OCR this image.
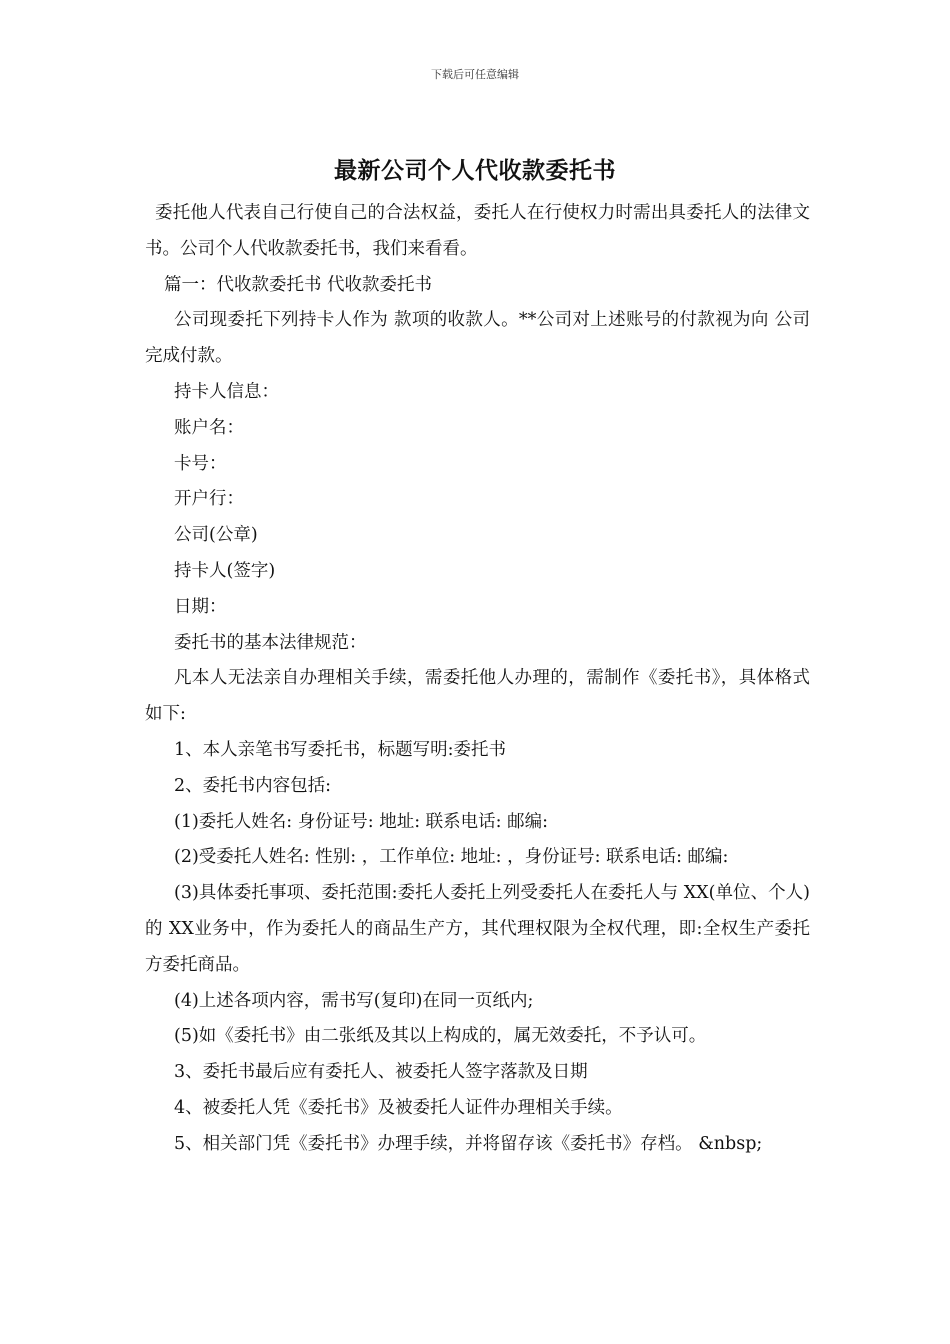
下载后可任意编辑
最新公司个人代收款委托书

委托他人代表自己行使自己的合法权益，委托人在行使权力时需出具委托人的法律文书。公司个人代收款委托书，我们来看看。

篇一：代收款委托书 代收款委托书

公司现委托下列持卡人作为 款项的收款人。**公司对上述账号的付款视为向 公司完成付款。

持卡人信息：

账户名：

卡号：

开户行：

公司(公章)

持卡人(签字)

日期：

委托书的基本法律规范：

凡本人无法亲自办理相关手续，需委托他人办理的，需制作《委托书》，具体格式如下:

1、本人亲笔书写委托书，标题写明:委托书

2、委托书内容包括:

(1)委托人姓名: 身份证号: 地址: 联系电话: 邮编:

(2)受委托人姓名: 性别: ，工作单位: 地址: ，身份证号: 联系电话: 邮编:

(3)具体委托事项、委托范围:委托人委托上列受委托人在委托人与 XX(单位、个人)的 XX业务中，作为委托人的商品生产方，其代理权限为全权代理，即:全权生产委托方委托商品。

(4)上述各项内容，需书写(复印)在同一页纸内;

(5)如《委托书》由二张纸及其以上构成的，属无效委托，不予认可。

3、委托书最后应有委托人、被委托人签字落款及日期

4、被委托人凭《委托书》及被委托人证件办理相关手续。

5、相关部门凭《委托书》办理手续，并将留存该《委托书》存档。 &nbsp;
